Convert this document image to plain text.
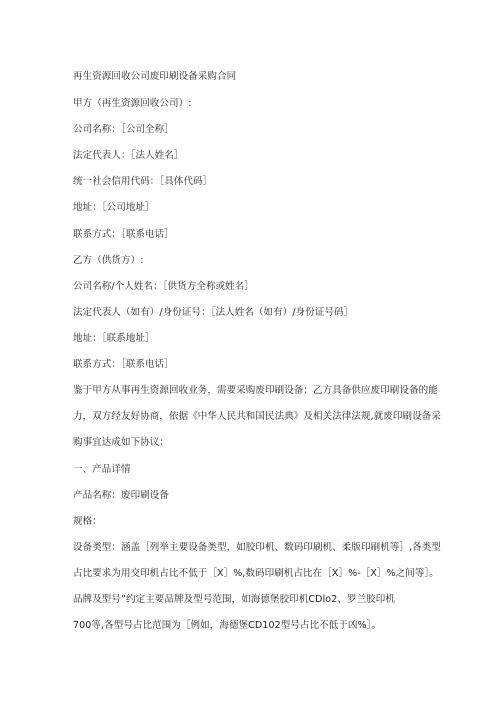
再生资源回收公司废印刷设备采购合同
甲方（再生资源回收公司）:
公司名称：［公司全称］
法定代表人：［法人姓名］
统一社会信用代码：［具体代码］
地址：［公司地址］
联系方式：［联系电话］
乙方（供货方）:
公司名称/个人姓名：［供货方全称或姓名］
法定代表人（如有）/身份证号：［法人姓名（如有）/身份证号码］
地址：［联系地址］
联系方式：［联系电话］
鉴于甲方从事再生资源回收业务，需要采购废印刷设备；乙方具备供应废印刷设备的能
力，双方经友好协商，依据《中华人民共和国民法典》及相关法律法规,就废印刷设备采
购事宜达成如下协议：
一、产品详情
产品名称：废印刷设备
规格：
设备类型：涵盖［列举主要设备类型，如胶印机、数码印刷机、柔版印刷机等］,各类型
占比要求为用交印机占比不低于［X］%,数码印刷机占比在［X］%-［X］%之间等］。
品牌及型号”约定主要品牌及型号范围，如海德堡胶印机CDlo2、罗兰胶印机
700等,各型号占比范围为［例如，海德堡CD102型号占比不低于凶%］。
